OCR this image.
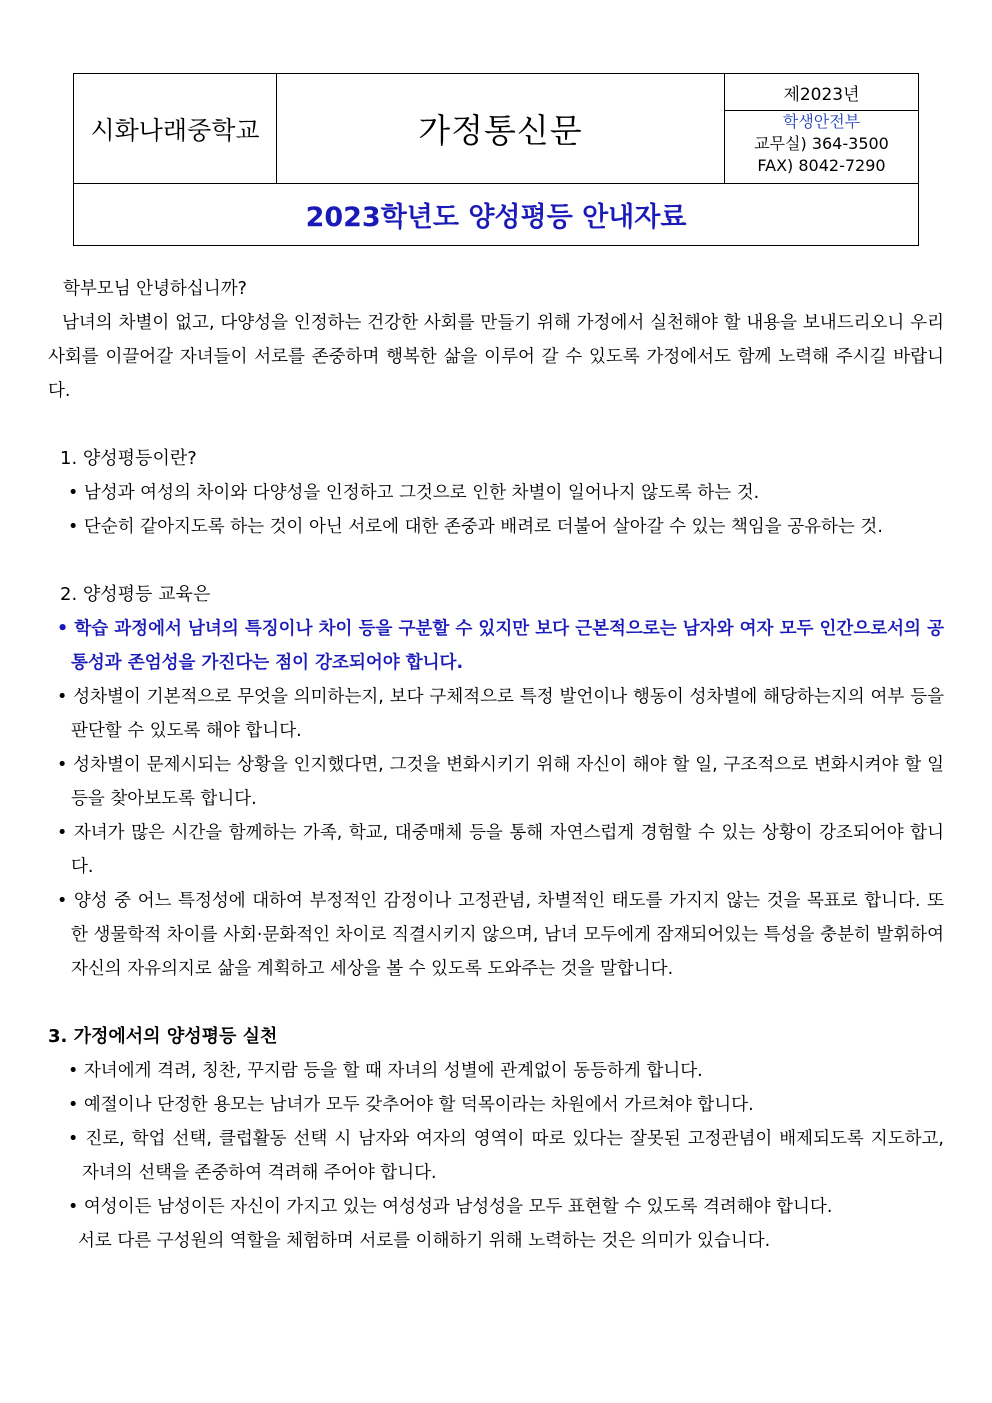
시화나래중학교	가정통신문
제2023년
학생안전부
교무실) 364-3500
FAX) 8042-7290
2023학년도 양성평등 안내자료

학부모님 안녕하십니까?

남녀의 차별이 없고, 다양성을 인정하는 건강한 사회를 만들기 위해 가정에서 실천해야 할 내용을 보내드리오니 우리 사회를 이끌어갈 자녀들이 서로를 존중하며 행복한 삶을 이루어 갈 수 있도록 가정에서도 함께 노력해 주시길 바랍니다.

1. 양성평등이란?

• 남성과 여성의 차이와 다양성을 인정하고 그것으로 인한 차별이 일어나지 않도록 하는 것.

• 단순히 같아지도록 하는 것이 아닌 서로에 대한 존중과 배려로 더불어 살아갈 수 있는 책임을 공유하는 것.

2. 양성평등 교육은

• 학습 과정에서 남녀의 특징이나 차이 등을 구분할 수 있지만 보다 근본적으로는 남자와 여자 모두 인간으로서의 공통성과 존엄성을 가진다는 점이 강조되어야 합니다.

• 성차별이 기본적으로 무엇을 의미하는지, 보다 구체적으로 특정 발언이나 행동이 성차별에 해당하는지의 여부 등을 판단할 수 있도록 해야 합니다.

• 성차별이 문제시되는 상황을 인지했다면, 그것을 변화시키기 위해 자신이 해야 할 일, 구조적으로 변화시켜야 할 일 등을 찾아보도록 합니다.

• 자녀가 많은 시간을 함께하는 가족, 학교, 대중매체 등을 통해 자연스럽게 경험할 수 있는 상황이 강조되어야 합니다.

• 양성 중 어느 특정성에 대하여 부정적인 감정이나 고정관념, 차별적인 태도를 가지지 않는 것을 목표로 합니다. 또한 생물학적 차이를 사회·문화적인 차이로 직결시키지 않으며, 남녀 모두에게 잠재되어있는 특성을 충분히 발휘하여 자신의 자유의지로 삶을 계획하고 세상을 볼 수 있도록 도와주는 것을 말합니다.

3. 가정에서의 양성평등 실천

• 자녀에게 격려, 칭찬, 꾸지람 등을 할 때 자녀의 성별에 관계없이 동등하게 합니다.

• 예절이나 단정한 용모는 남녀가 모두 갖추어야 할 덕목이라는 차원에서 가르쳐야 합니다.

• 진로, 학업 선택, 클럽활동 선택 시 남자와 여자의 영역이 따로 있다는 잘못된 고정관념이 배제되도록 지도하고, 자녀의 선택을 존중하여 격려해 주어야 합니다.

• 여성이든 남성이든 자신이 가지고 있는 여성성과 남성성을 모두 표현할 수 있도록 격려해야 합니다.

서로 다른 구성원의 역할을 체험하며 서로를 이해하기 위해 노력하는 것은 의미가 있습니다.
